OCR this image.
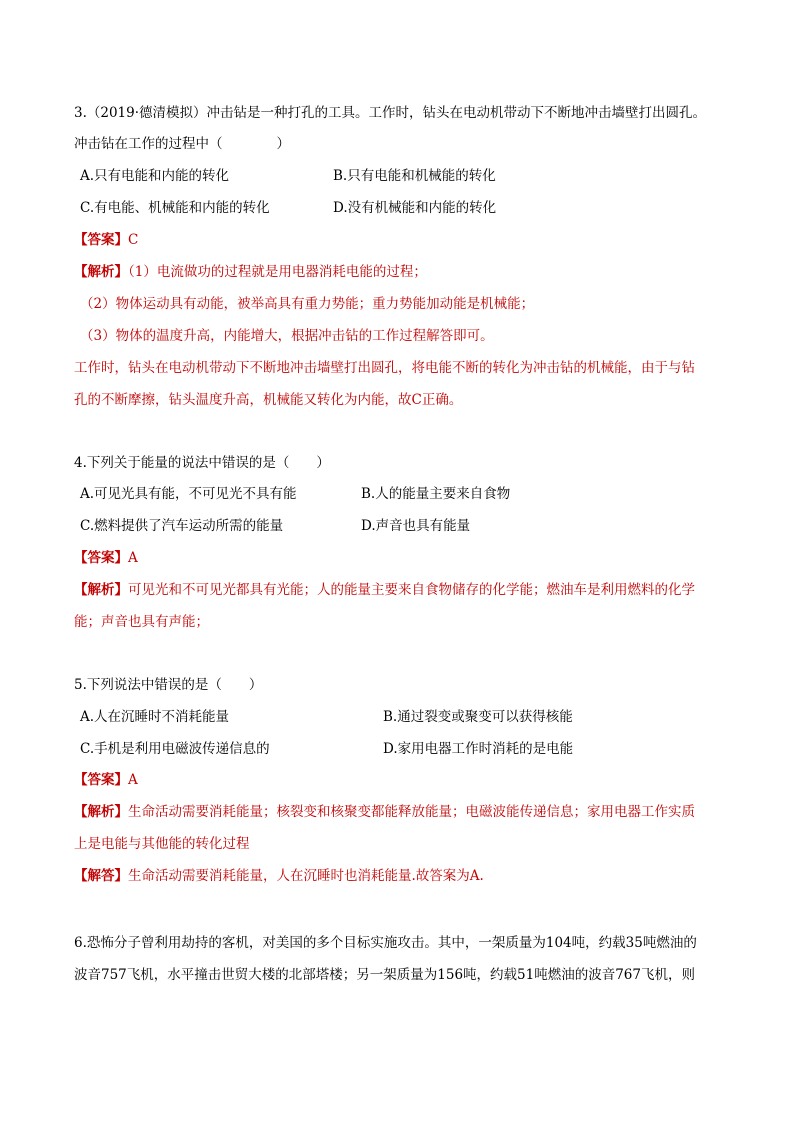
3.（2019·德清模拟）冲击钻是一种打孔的工具。工作时，钻头在电动机带动下不断地冲击墙壁打出圆孔。
冲击钻在工作的过程中（　　　　）
A.只有电能和内能的转化	B.只有电能和机械能的转化
C.有电能、机械能和内能的转化	D.没有机械能和内能的转化
【答案】C
【解析】（1）电流做功的过程就是用电器消耗电能的过程；
（2）物体运动具有动能，被举高具有重力势能；重力势能加动能是机械能；
（3）物体的温度升高，内能增大，根据冲击钻的工作过程解答即可。
工作时，钻头在电动机带动下不断地冲击墙壁打出圆孔，将电能不断的转化为冲击钻的机械能，由于与钻
孔的不断摩擦，钻头温度升高，机械能又转化为内能，故C正确。
4.下列关于能量的说法中错误的是（　　）
A.可见光具有能，不可见光不具有能	B.人的能量主要来自食物
C.燃料提供了汽车运动所需的能量	D.声音也具有能量
【答案】A
【解析】可见光和不可见光都具有光能；人的能量主要来自食物储存的化学能；燃油车是利用燃料的化学
能；声音也具有声能；
5.下列说法中错误的是（　　）
A.人在沉睡时不消耗能量	B.通过裂变或聚变可以获得核能
C.手机是利用电磁波传递信息的	D.家用电器工作时消耗的是电能
【答案】A
【解析】生命活动需要消耗能量；核裂变和核聚变都能释放能量；电磁波能传递信息；家用电器工作实质
上是电能与其他能的转化过程
【解答】生命活动需要消耗能量，人在沉睡时也消耗能量.故答案为A.
6.恐怖分子曾利用劫持的客机，对美国的多个目标实施攻击。其中，一架质量为104吨，约载35吨燃油的
波音757飞机，水平撞击世贸大楼的北部塔楼；另一架质量为156吨，约载51吨燃油的波音767飞机，则
